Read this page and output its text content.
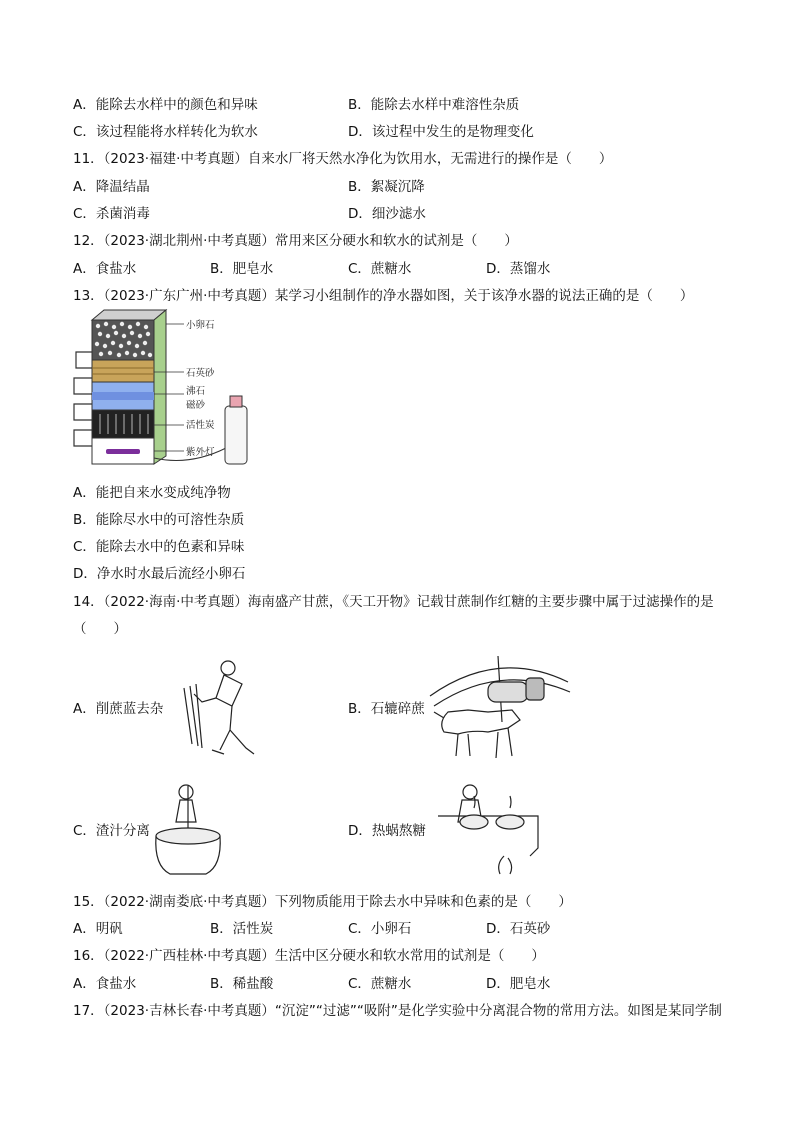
A．能除去水样中的颜色和异味	B．能除去水样中难溶性杂质
C．该过程能将水样转化为软水	D．该过程中发生的是物理变化
11．（2023·福建·中考真题）自来水厂将天然水净化为饮用水，无需进行的操作是（　　）
A．降温结晶	B．絮凝沉降
C．杀菌消毒	D．细沙滤水
12．（2023·湖北荆州·中考真题）常用来区分硬水和软水的试剂是（　　）
A．食盐水	B．肥皂水	C．蔗糖水	D．蒸馏水
13．（2023·广东广州·中考真题）某学习小组制作的净水器如图，关于该净水器的说法正确的是（　　）
小卵石
石英砂
沸石
磁砂
活性炭
紫外灯
A．能把自来水变成纯净物
B．能除尽水中的可溶性杂质
C．能除去水中的色素和异味
D．净水时水最后流经小卵石
14．（2022·海南·中考真题）海南盛产甘蔗，《天工开物》记载甘蔗制作红糖的主要步骤中属于过滤操作的是
（　　）
A．削蔗蓝去杂	B．石辘碎蔗
C．渣汁分离	D．热蜗熬糖
15．（2022·湖南娄底·中考真题）下列物质能用于除去水中异味和色素的是（　　）
A．明矾	B．活性炭	C．小卵石	D．石英砂
16．（2022·广西桂林·中考真题）生活中区分硬水和软水常用的试剂是（　　）
A．食盐水	B．稀盐酸	C．蔗糖水	D．肥皂水
17．（2023·吉林长春·中考真题）“沉淀”“过滤”“吸附”是化学实验中分离混合物的常用方法。如图是某同学制
